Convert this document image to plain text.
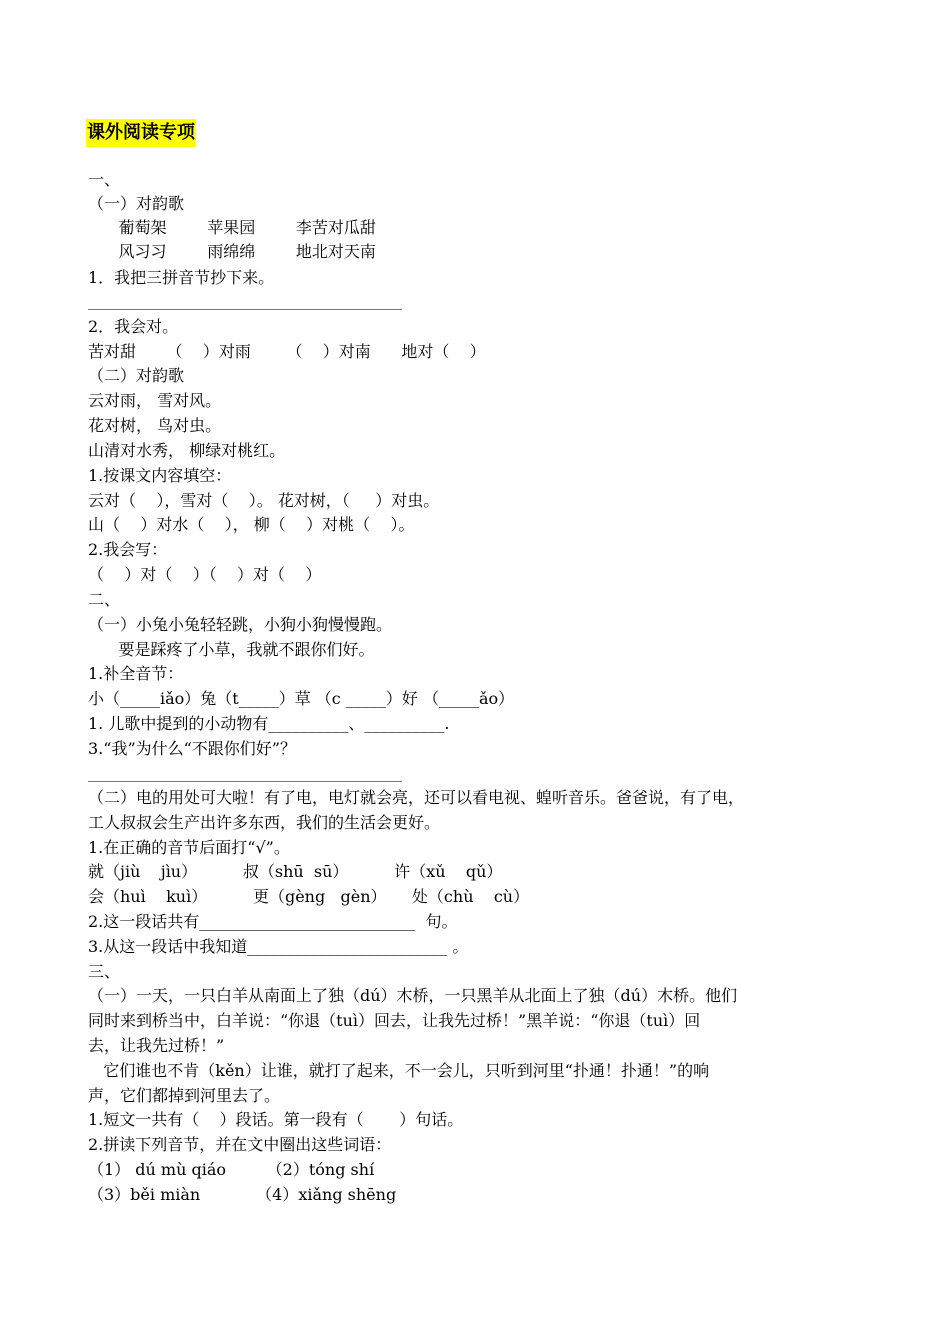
课外阅读专项
一、
（一）对韵歌
葡萄架        苹果园        李苦对瓜甜
风习习        雨绵绵        地北对天南
1．我把三拼音节抄下来。
2．我会对。
苦对甜      （    ）对雨       （    ）对南      地对（    ）
（二）对韵歌
云对雨， 雪对风。
花对树， 鸟对虫。
山清对水秀， 柳绿对桃红。
1.按课文内容填空：
云对（    ），雪对（    ）。 花对树，（     ）对虫。
山（    ）对水（    ）， 柳（    ）对桃（    ）。
2.我会写：
（    ）对（    ）（    ）对（    ）
二、
（一）小兔小兔轻轻跳，小狗小狗慢慢跑。
要是踩疼了小草，我就不跟你们好。
1.补全音节：
小（_____iǎo）兔（t_____）草 （c _____）好 （_____ǎo）
1. 儿歌中提到的小动物有__________、__________.
3.“我”为什么“不跟你们好”？
（二）电的用处可大啦！有了电，电灯就会亮，还可以看电视、蝗听音乐。爸爸说，有了电，
工人叔叔会生产出许多东西，我们的生活会更好。
1.在正确的音节后面打“√”。
就（jiù    jìu）         叔（shū  sū）         许（xǔ    qǔ）
会（huì    kuì）         更（gèng   gèn）     处（chù    cù）
2.这一段话共有___________________________  句。
3.从这一段话中我知道_________________________ 。
三、
（一）一天，一只白羊从南面上了独（dú）木桥，一只黑羊从北面上了独（dú）木桥。他们
同时来到桥当中，白羊说：“你退（tuì）回去，让我先过桥！”黑羊说：“你退（tuì）回
去，让我先过桥！”
它们谁也不肯（kěn）让谁，就打了起来，不一会儿，只听到河里“扑通！扑通！”的响
声，它们都掉到河里去了。
1.短文一共有（    ）段话。第一段有（       ）句话。
2.拼读下列音节，并在文中圈出这些词语：
（1） dú mù qiáo        （2）tóng shí
（3）běi miàn           （4）xiǎng shēng
